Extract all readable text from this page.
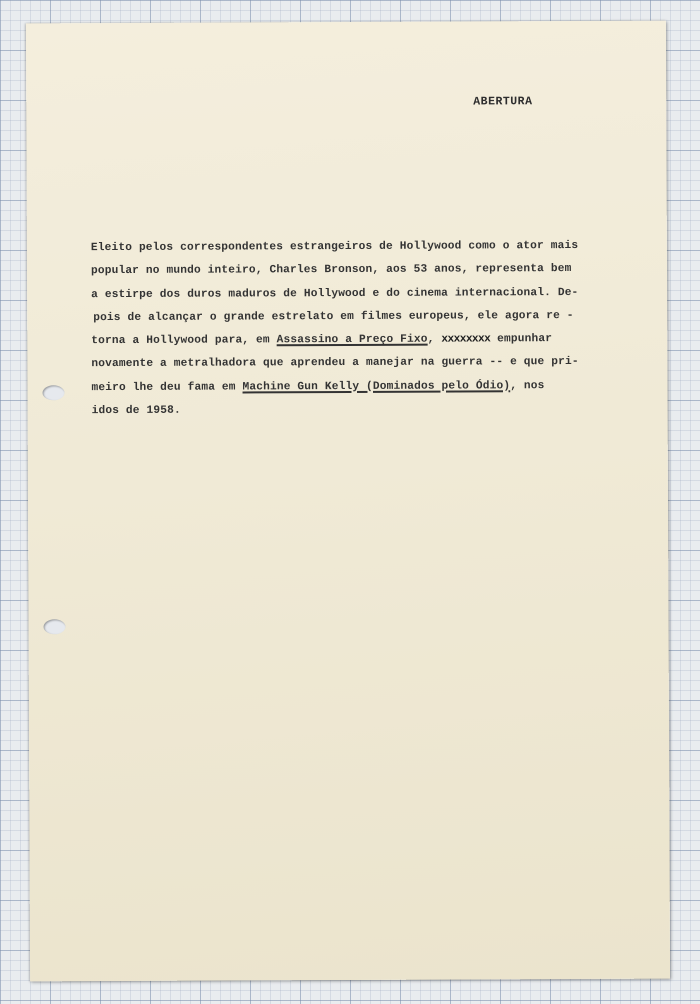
ABERTURA
Eleito pelos correspondentes estrangeiros de Hollywood como o ator mais
popular no mundo inteiro, Charles Bronson, aos 53 anos, representa bem
a estirpe dos duros maduros de Hollywood e do cinema internacional. De-
pois de alcançar o grande estrelato em filmes europeus, ele agora re -
torna a Hollywood para, em Assassino a Preço Fixo, xxxxxxxx empunhar
novamente a metralhadora que aprendeu a manejar na guerra -- e que pri-
meiro lhe deu fama em Machine Gun Kelly (Dominados pelo Ódio), nos
idos de 1958.
